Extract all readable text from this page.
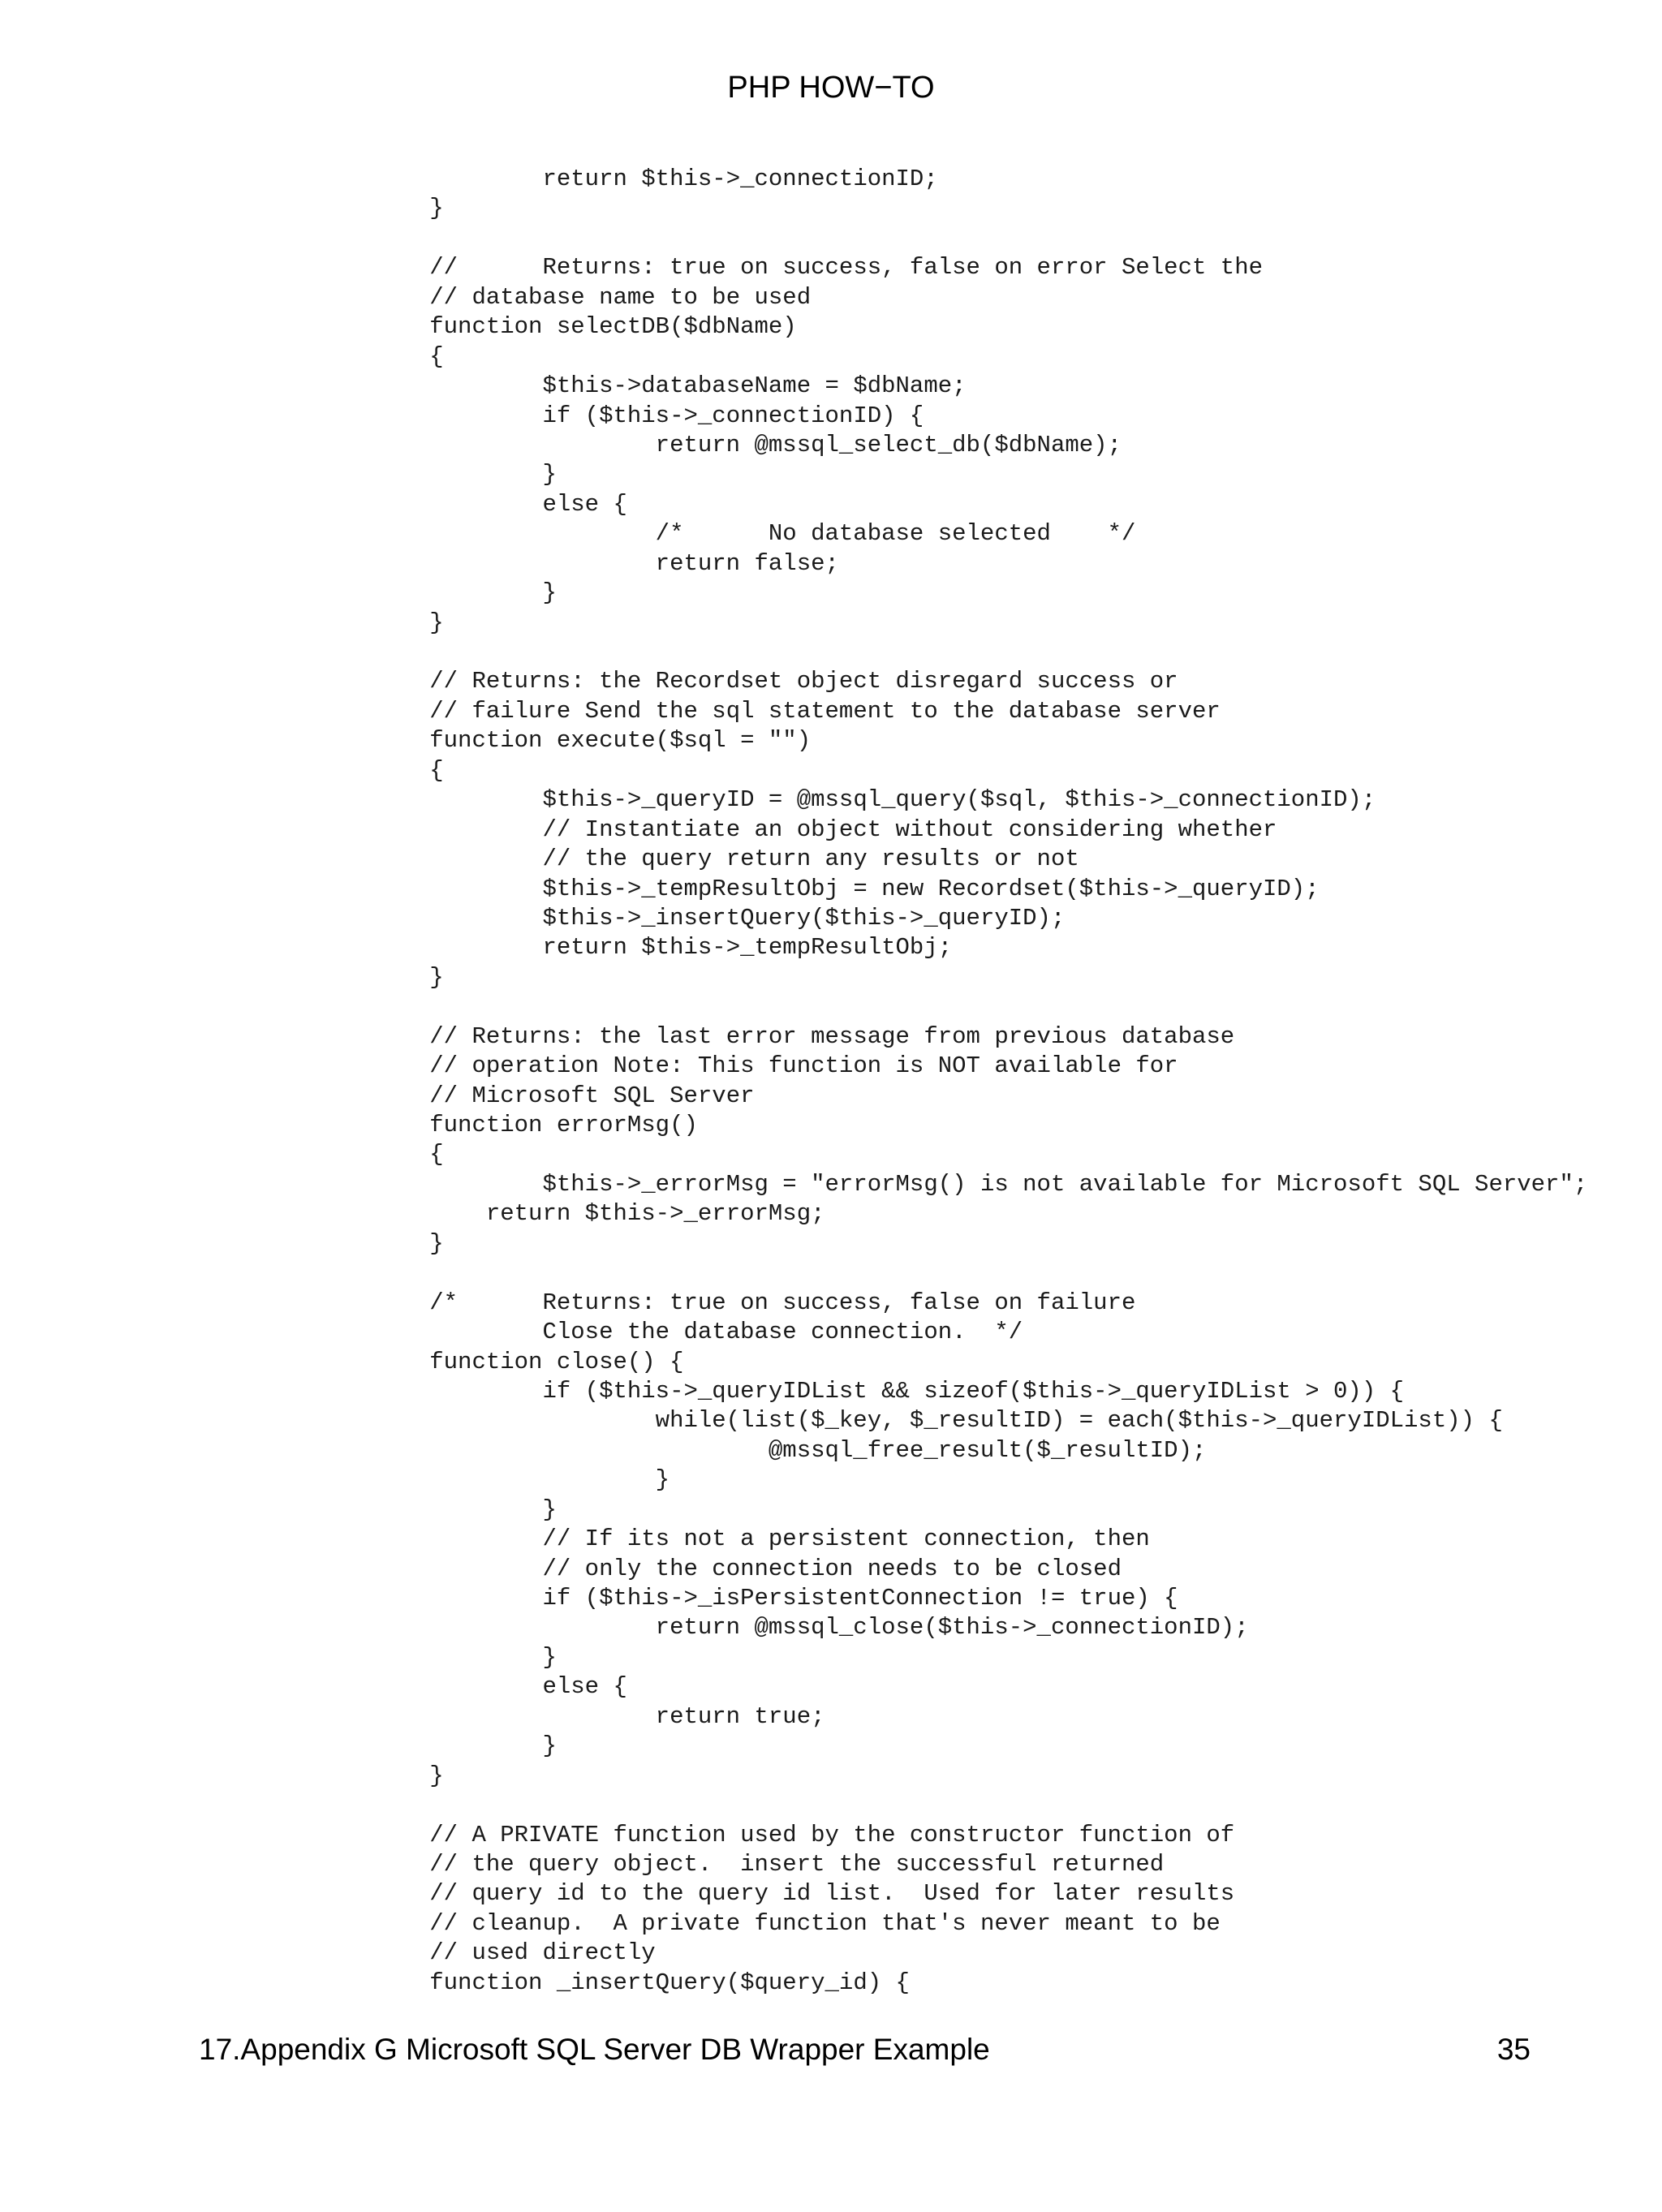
PHP HOW−TO
		return $this->_connectionID;
	}
	//	Returns: true on success, false on error Select the
	// database name to be used
	function selectDB($dbName)
	{
		$this->databaseName = $dbName;
		if ($this->_connectionID) {
			return @mssql_select_db($dbName);
		}
		else {
			/*	No database selected	*/
			return false;
		}
	}
	// Returns: the Recordset object disregard success or
	// failure Send the sql statement to the database server
	function execute($sql = "")
	{
		$this->_queryID = @mssql_query($sql, $this->_connectionID);
		// Instantiate an object without considering whether
		// the query return any results or not
		$this->_tempResultObj = new Recordset($this->_queryID);
		$this->_insertQuery($this->_queryID);
		return $this->_tempResultObj;
	}
	// Returns: the last error message from previous database
	// operation Note: This function is NOT available for
	// Microsoft SQL Server
	function errorMsg()
	{
		$this->_errorMsg = "errorMsg() is not available for Microsoft SQL Server";
	return $this->_errorMsg;
	}
	/*	Returns: true on success, false on failure
		Close the database connection.  */
	function close() {
		if ($this->_queryIDList && sizeof($this->_queryIDList > 0)) {
			while(list($_key, $_resultID) = each($this->_queryIDList)) {
				@mssql_free_result($_resultID);
			}
		}
		// If its not a persistent connection, then
		// only the connection needs to be closed
		if ($this->_isPersistentConnection != true) {
			return @mssql_close($this->_connectionID);
		}
		else {
			return true;
		}
	}
	// A PRIVATE function used by the constructor function of
	// the query object.  insert the successful returned
	// query id to the query id list.  Used for later results
	// cleanup.  A private function that's never meant to be
	// used directly
	function _insertQuery($query_id) {
17.Appendix G Microsoft SQL Server DB Wrapper Example	35
